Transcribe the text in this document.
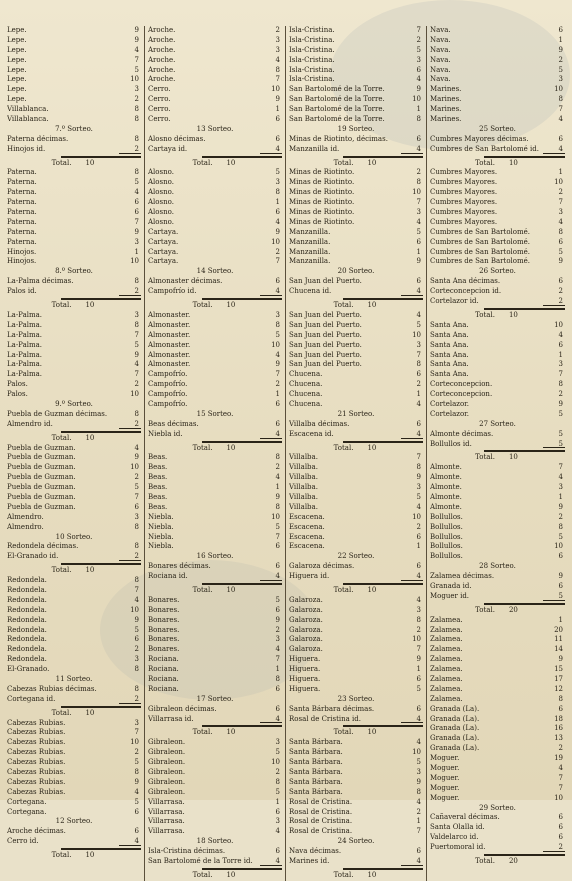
Lepe.	9
Lepe.	9
Lepe.	4
Lepe.	7
Lepe.	5
Lepe.	10
Lepe.	3
Lepe.	2
Villablanca.	8
Villablanca.	8
7.º Sorteo.
Paterna décimas.	8
Hinojos id.	2
Total. 10
Paterna.	8
Paterna.	5
Paterna.	4
Paterna.	6
Paterna.	6
Paterna.	7
Paterna.	9
Paterna.	3
Hinojos.	1
Hinojos.	10
8.º Sorteo.
La-Palma décimas.	8
Palos id.	2
Total. 10
La-Palma.	3
La-Palma.	8
La-Palma.	7
La-Palma.	5
La-Palma.	9
La-Palma.	4
La-Palma.	7
Palos.	2
Palos.	10
9.º Sorteo.
Puebla de Guzman décimas.	8
Almendro id.	2
Total. 10
Puebla de Guzman.	4
Puebla de Guzman.	9
Puebla de Guzman.	10
Puebla de Guzman.	2
Puebla de Guzman.	5
Puebla de Guzman.	7
Puebla de Guzman.	6
Almendro.	3
Almendro.	8
10 Sorteo.
Redondela décimas.	8
El-Granado id.	2
Total. 10
Redondela.	8
Redondela.	7
Redondela.	4
Redondela.	10
Redondela.	9
Redondela.	5
Redondela.	6
Redondela.	2
Redondela.	3
El-Granado.	8
11 Sorteo.
Cabezas Rubias décimas.	8
Cortegana id.	2
Total. 10
Cabezas Rubias.	3
Cabezas Rubias.	7
Cabezas Rubias.	10
Cabezas Rubias.	2
Cabezas Rubias.	5
Cabezas Rubias.	8
Cabezas Rubias.	9
Cabezas Rubias.	4
Cortegana.	5
Cortegana.	6
12 Sorteo.
Aroche décimas.	6
Cerro id.	4
Total. 10
Aroche.	2
Aroche.	3
Aroche.	3
Aroche.	4
Aroche.	8
Aroche.	7
Cerro.	10
Cerro.	9
Cerro.	1
Cerro.	6
13 Sorteo.
Alosno décimas.	6
Cartaya id.	4
Total. 10
Alosno.	5
Alosno.	3
Alosno.	8
Alosno.	1
Alosno.	6
Alosno.	4
Cartaya.	9
Cartaya.	10
Cartaya.	2
Cartaya.	7
14 Sorteo.
Almonaster décimas.	6
Campofrío id.	4
Total. 10
Almonaster.	3
Almonaster.	8
Almonaster.	5
Almonaster.	10
Almonaster.	4
Almonaster.	9
Campofrío.	7
Campofrío.	2
Campofrío.	1
Campofrío.	6
15 Sorteo.
Beas décimas.	6
Niebla id.	4
Total. 10
Beas.	8
Beas.	2
Beas.	4
Beas.	1
Beas.	9
Beas.	8
Niebla.	10
Niebla.	5
Niebla.	7
Niebla.	6
16 Sorteo.
Bonares décimas.	6
Rociana id.	4
Total. 10
Bonares.	5
Bonares.	6
Bonares.	9
Bonares.	2
Bonares.	3
Bonares.	4
Rociana.	7
Rociana.	1
Rociana.	8
Rociana.	6
17 Sorteo.
Gibraleon décimas.	6
Villarrasa id.	4
Total. 10
Gibraleon.	3
Gibraleon.	5
Gibraleon.	10
Gibraleon.	2
Gibraleon.	8
Gibraleon.	5
Villarrasa.	1
Villarrasa.	6
Villarrasa.	3
Villarrasa.	4
18 Sorteo.
Isla-Cristina décimas.	6
San Bartolomé de la Torre id.	4
Total. 10
Isla-Cristina.	7
Isla-Cristina.	2
Isla-Cristina.	5
Isla-Cristina.	3
Isla-Cristina.	6
Isla-Cristina.	4
San Bartolomé de la Torre.	9
San Bartolomé de la Torre.	10
San Bartolomé de la Torre.	1
San Bartolomé de la Torre.	8
19 Sorteo.
Minas de Riotinto, décimas.	6
Manzanilla id.	4
Total. 10
Minas de Riotinto.	2
Minas de Riotinto.	8
Minas de Riotinto.	10
Minas de Riotinto.	7
Minas de Riotinto.	3
Minas de Riotinto.	4
Manzanilla.	5
Manzanilla.	6
Manzanilla.	1
Manzanilla.	9
20 Sorteo.
San Juan del Puerto.	6
Chucena id.	4
Total. 10
San Juan del Puerto.	4
San Juan del Puerto.	5
San Juan del Puerto.	10
San Juan del Puerto.	3
San Juan del Puerto.	7
San Juan del Puerto.	8
Chucena.	6
Chucena.	2
Chucena.	1
Chucena.	4
21 Sorteo.
Villalba décimas.	6
Escacena id.	4
Total. 10
Villalba.	7
Villalba.	8
Villalba.	9
Villalba.	3
Villalba.	5
Villalba.	4
Escacena.	10
Escacena.	2
Escacena.	6
Escacena.	1
22 Sorteo.
Galaroza décimas.	6
Higuera id.	4
Total. 10
Galaroza.	4
Galaroza.	3
Galaroza.	8
Galaroza.	2
Galaroza.	10
Galaroza.	7
Higuera.	9
Higuera.	1
Higuera.	6
Higuera.	5
23 Sorteo.
Santa Bárbara décimas.	6
Rosal de Cristina id.	4
Total. 10
Santa Bárbara.	4
Santa Bárbara.	10
Santa Bárbara.	5
Santa Bárbara.	3
Santa Bárbara.	9
Santa Bárbara.	8
Rosal de Cristina.	4
Rosal de Cristina.	2
Rosal de Cristina.	1
Rosal de Cristina.	7
24 Sorteo.
Nava décimas.	6
Marines id.	4
Total. 10
Nava.	6
Nava.	1
Nava.	9
Nava.	2
Nava.	5
Nava.	3
Marines.	10
Marines.	8
Marines.	7
Marines.	4
25 Sorteo.
Cumbres Mayores décimas.	6
Cumbres de San Bartolomé id.	4
Total. 10
Cumbres Mayores.	1
Cumbres Mayores.	10
Cumbres Mayores.	2
Cumbres Mayores.	7
Cumbres Mayores.	3
Cumbres Mayores.	4
Cumbres de San Bartolomé.	8
Cumbres de San Bartolomé.	6
Cumbres de San Bartolomé.	5
Cumbres de San Bartolomé.	9
26 Sorteo.
Santa Ana décimas.	6
Corteconcepcion id.	2
Cortelazor id.	2
Total. 10
Santa Ana.	10
Santa Ana.	4
Santa Ana.	6
Santa Ana.	1
Santa Ana.	3
Santa Ana.	7
Corteconcepcion.	8
Corteconcepcion.	2
Cortelazor.	9
Cortelazor.	5
27 Sorteo.
Almonte décimas.	5
Bollullos id.	5
Total. 10
Almonte.	7
Almonte.	4
Almonte.	3
Almonte.	1
Almonte.	9
Bollullos.	2
Bollullos.	8
Bollullos.	5
Bollullos.	10
Bollullos.	6
28 Sorteo.
Zalamea décimas.	9
Granada id.	6
Moguer id.	5
Total. 20
Zalamea.	1
Zalamea.	20
Zalamea.	11
Zalamea.	14
Zalamea.	9
Zalamea.	15
Zalamea.	17
Zalamea.	12
Zalamea.	8
Granada (La).	6
Granada (La).	18
Granada (La).	16
Granada (La).	13
Granada (La).	2
Moguer.	19
Moguer.	4
Moguer.	7
Moguer.	7
Moguer.	10
29 Sorteo.
Cañaveral décimas.	6
Santa Olalla id.	6
Valdelarco id.	6
Puertomoral id.	2
Total. 20
